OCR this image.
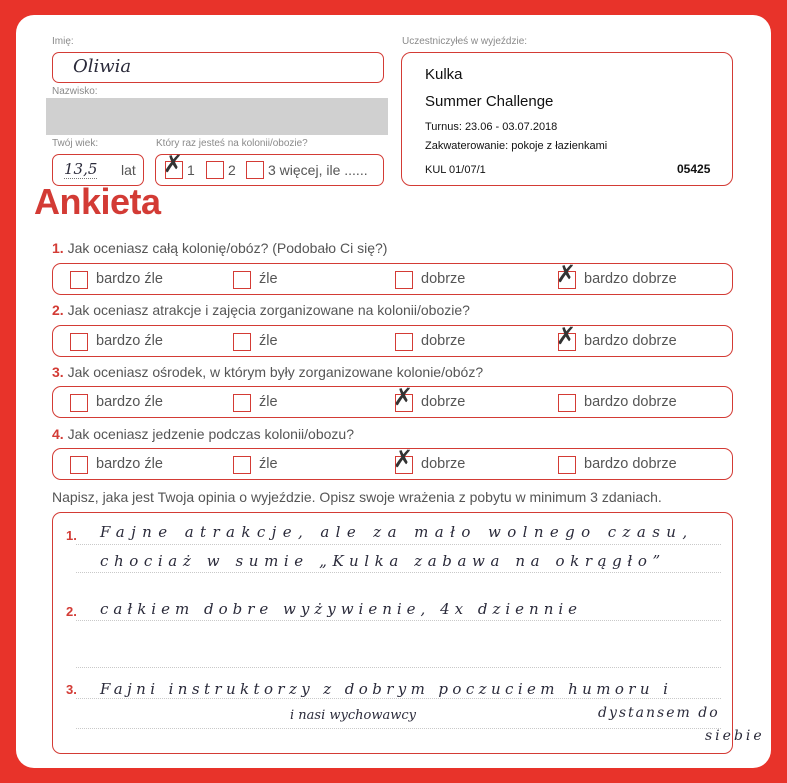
Imię:
Oliwia
Nazwisko:
Twój wiek:
13,5 lat
Który raz jesteś na kolonii/obozie?
✗ 1 2 3 więcej, ile ......
Uczestniczyłeś w wyjeździe:
Kulka
Summer Challenge
Turnus: 23.06 - 03.07.2018
Zakwaterowanie: pokoje z łazienkami
KUL 01/07/1	05425
Ankieta
1. Jak oceniasz całą kolonię/obóz? (Podobało Ci się?)
bardzo źle	źle	dobrze	✗ bardzo dobrze
2. Jak oceniasz atrakcje i zajęcia zorganizowane na kolonii/obozie?
bardzo źle	źle	dobrze	✗ bardzo dobrze
3. Jak oceniasz ośrodek, w którym były zorganizowane kolonie/obóz?
bardzo źle	źle	✗ dobrze	bardzo dobrze
4. Jak oceniasz jedzenie podczas kolonii/obozu?
bardzo źle	źle	✗ dobrze	bardzo dobrze
Napisz, jaka jest Twoja opinia o wyjeździe. Opisz swoje wrażenia z pobytu w minimum 3 zdaniach.
1.
2.
3.
Fajne atrakcje, ale za mało wolnego czasu,
chociaż w sumie „Kulka zabawa na okrągło”
całkiem dobre wyżywienie, 4x dziennie
Fajni instruktorzy z dobrym poczuciem humoru i
i nasi wychowawcy	dystansem do
siebie
